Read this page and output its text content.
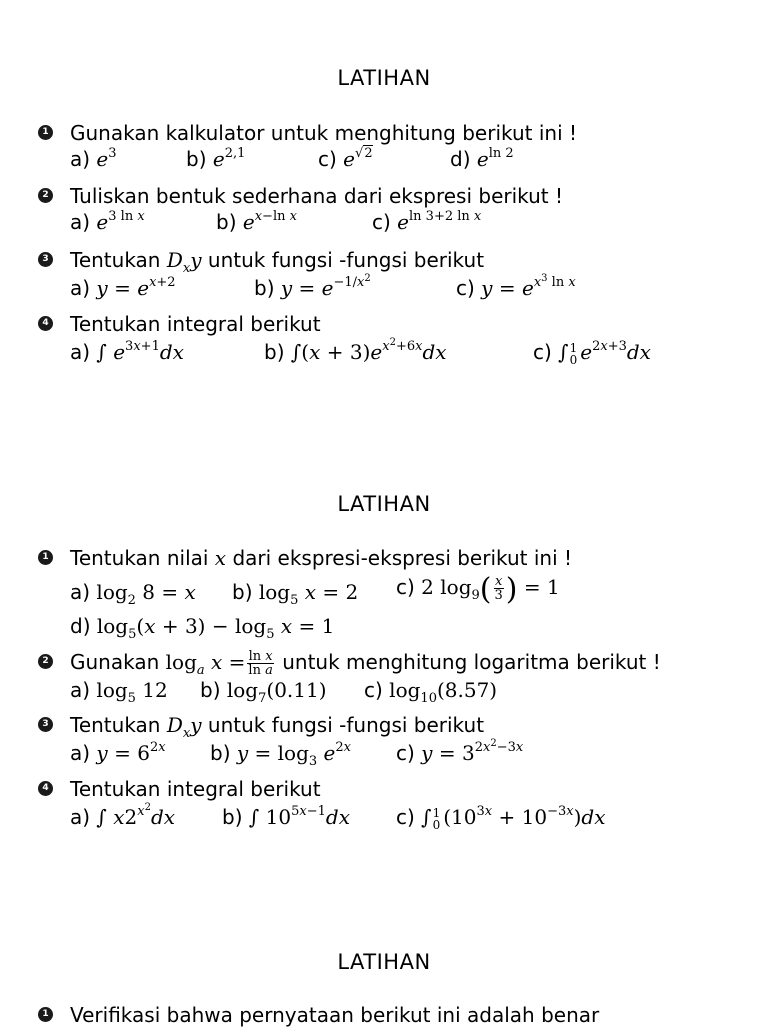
LATIHAN
1 Gunakan kalkulator untuk menghitung berikut ini !
a) $e^3$	b) $e^{2,1}$	c) $e^{√2}$	d) $e^{ln 2}$
2 Tuliskan bentuk sederhana dari ekspresi berikut !
a) $e^{3 ln x}$	b) $e^{x-ln x}$	c) $e^{ln 3+2 ln x}$
3 Tentukan $D_xy$ untuk fungsi -fungsi berikut
a) $y = e^{x+2}$	b) $y = e^{-1/x^2}$	c) $y = e^{x^3 ln x}$
4 Tentukan integral berikut
a) ∫ $e^{3x+1}dx$	b) $\int(x + 3)e^{x^2+6x}dx$	c) ∫ 1
0 $e^{2x+3}dx$
LATIHAN
1 Tentukan nilai x dari ekspresi-ekspresi berikut ini !
a) $\log_2 8 = x$ b) $\log_5 x = 2$ c) 2 $\log_9( \frac{x}{3}$ ) = 1
d) $\log_5(x + 3) - \log_5 x = 1$
2 Gunakan $\log_a x = \frac{\text{ln x}}{\text{ln a}}$ untuk menghitung logaritma berikut !
a) $\log_5 12$ b) $\log_7(0.11)$ c) $\log_{10}(8.57)$
3 Tentukan $D_xy$ untuk fungsi -fungsi berikut
a) $y = 6^{2x}$ b) $y = \log_3 e^{2x}$ c) $y = 3^{2x^2-3x}$
4 Tentukan integral berikut
a) ∫ $x2^{x^2}dx$ b) ∫ $10^{5x-1}dx$ c) ∫ 1
0 $(10^{3x} + 10^{-3x})dx$
LATIHAN
1 Verifikasi bahwa pernyataan berikut ini adalah benar
